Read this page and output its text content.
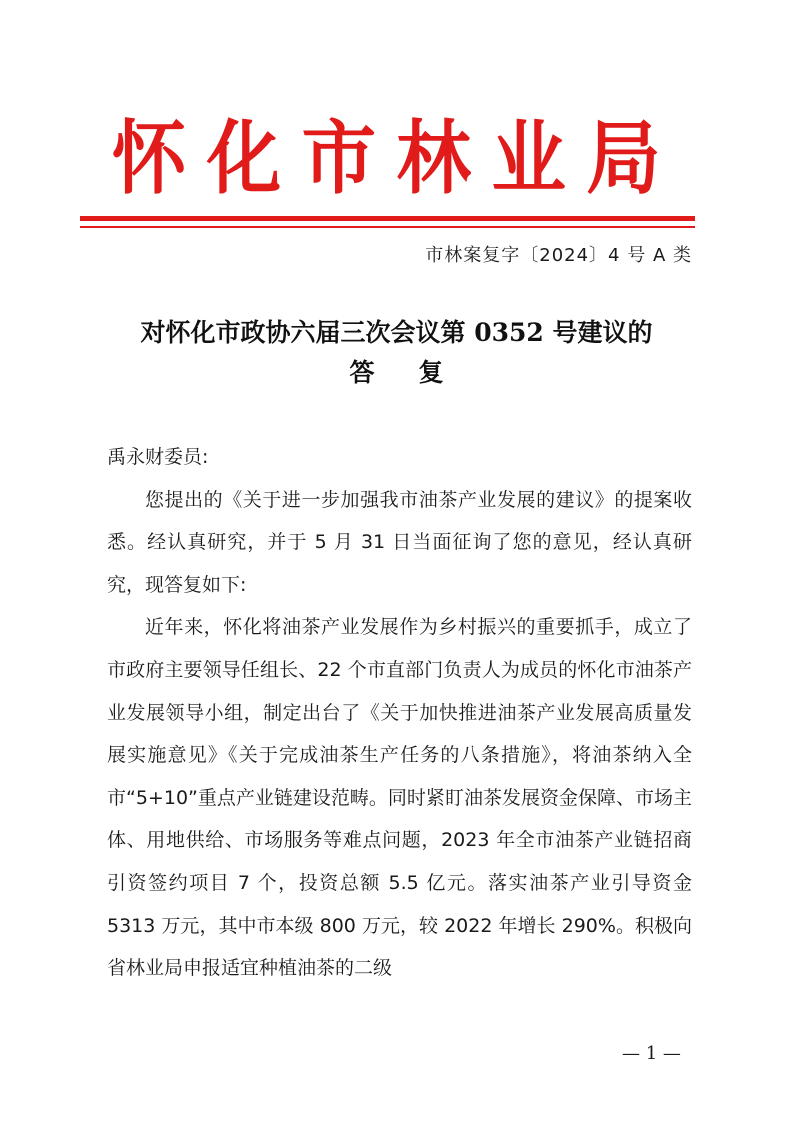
怀化市林业局
市林案复字〔2024〕4 号 A 类
对怀化市政协六届三次会议第 0352 号建议的
答 复

禹永财委员:

您提出的《关于进一步加强我市油茶产业发展的建议》的提案收悉。经认真研究，并于 5 月 31 日当面征询了您的意见，经认真研究，现答复如下:

近年来，怀化将油茶产业发展作为乡村振兴的重要抓手，成立了市政府主要领导任组长、22 个市直部门负责人为成员的怀化市油茶产业发展领导小组，制定出台了《关于加快推进油茶产业发展高质量发展实施意见》《关于完成油茶生产任务的八条措施》，将油茶纳入全市“5+10”重点产业链建设范畴。同时紧盯油茶发展资金保障、市场主体、用地供给、市场服务等难点问题，2023 年全市油茶产业链招商引资签约项目 7 个，投资总额 5.5 亿元。落实油茶产业引导资金 5313 万元，其中市本级 800 万元，较 2022 年增长 290%。积极向省林业局申报适宜种植油茶的二级

— 1 —
